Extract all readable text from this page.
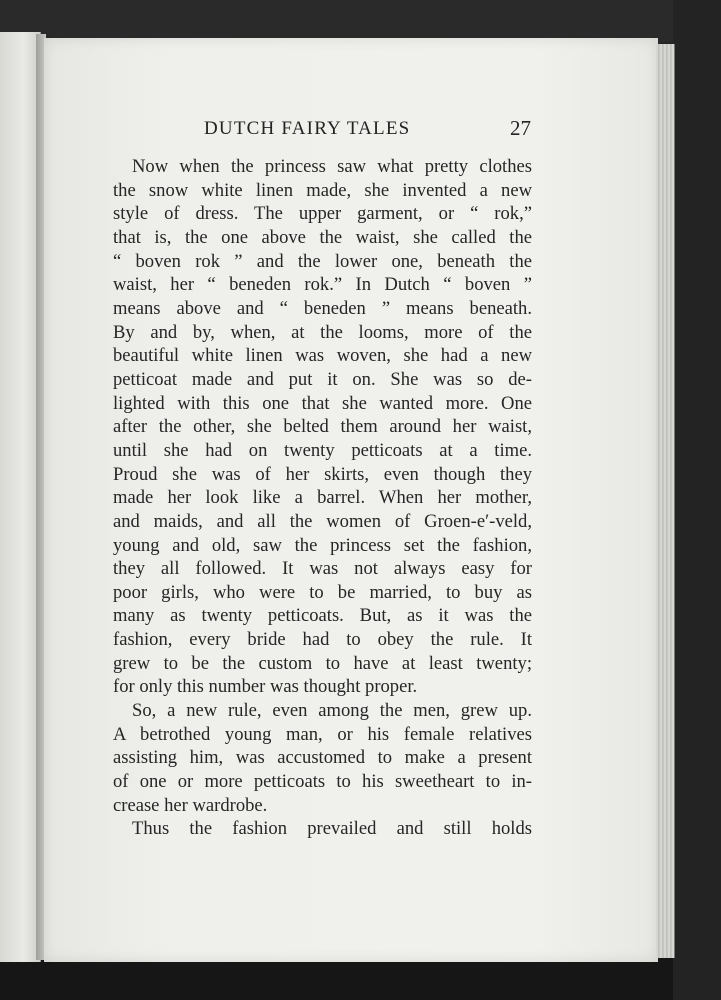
DUTCH FAIRY TALES	27
Now when the princess saw what pretty clothes
the snow white linen made, she invented a new
style of dress. The upper garment, or “ rok,”
that is, the one above the waist, she called the
“ boven rok ” and the lower one, beneath the
waist, her “ beneden rok.” In Dutch “ boven ”
means above and “ beneden ” means beneath.
By and by, when, at the looms, more of the
beautiful white linen was woven, she had a new
petticoat made and put it on. She was so de-
lighted with this one that she wanted more. One
after the other, she belted them around her waist,
until she had on twenty petticoats at a time.
Proud she was of her skirts, even though they
made her look like a barrel. When her mother,
and maids, and all the women of Groen-e′-veld,
young and old, saw the princess set the fashion,
they all followed. It was not always easy for
poor girls, who were to be married, to buy as
many as twenty petticoats. But, as it was the
fashion, every bride had to obey the rule. It
grew to be the custom to have at least twenty;
for only this number was thought proper.
So, a new rule, even among the men, grew up.
A betrothed young man, or his female relatives
assisting him, was accustomed to make a present
of one or more petticoats to his sweetheart to in-
crease her wardrobe.
Thus the fashion prevailed and still holds
